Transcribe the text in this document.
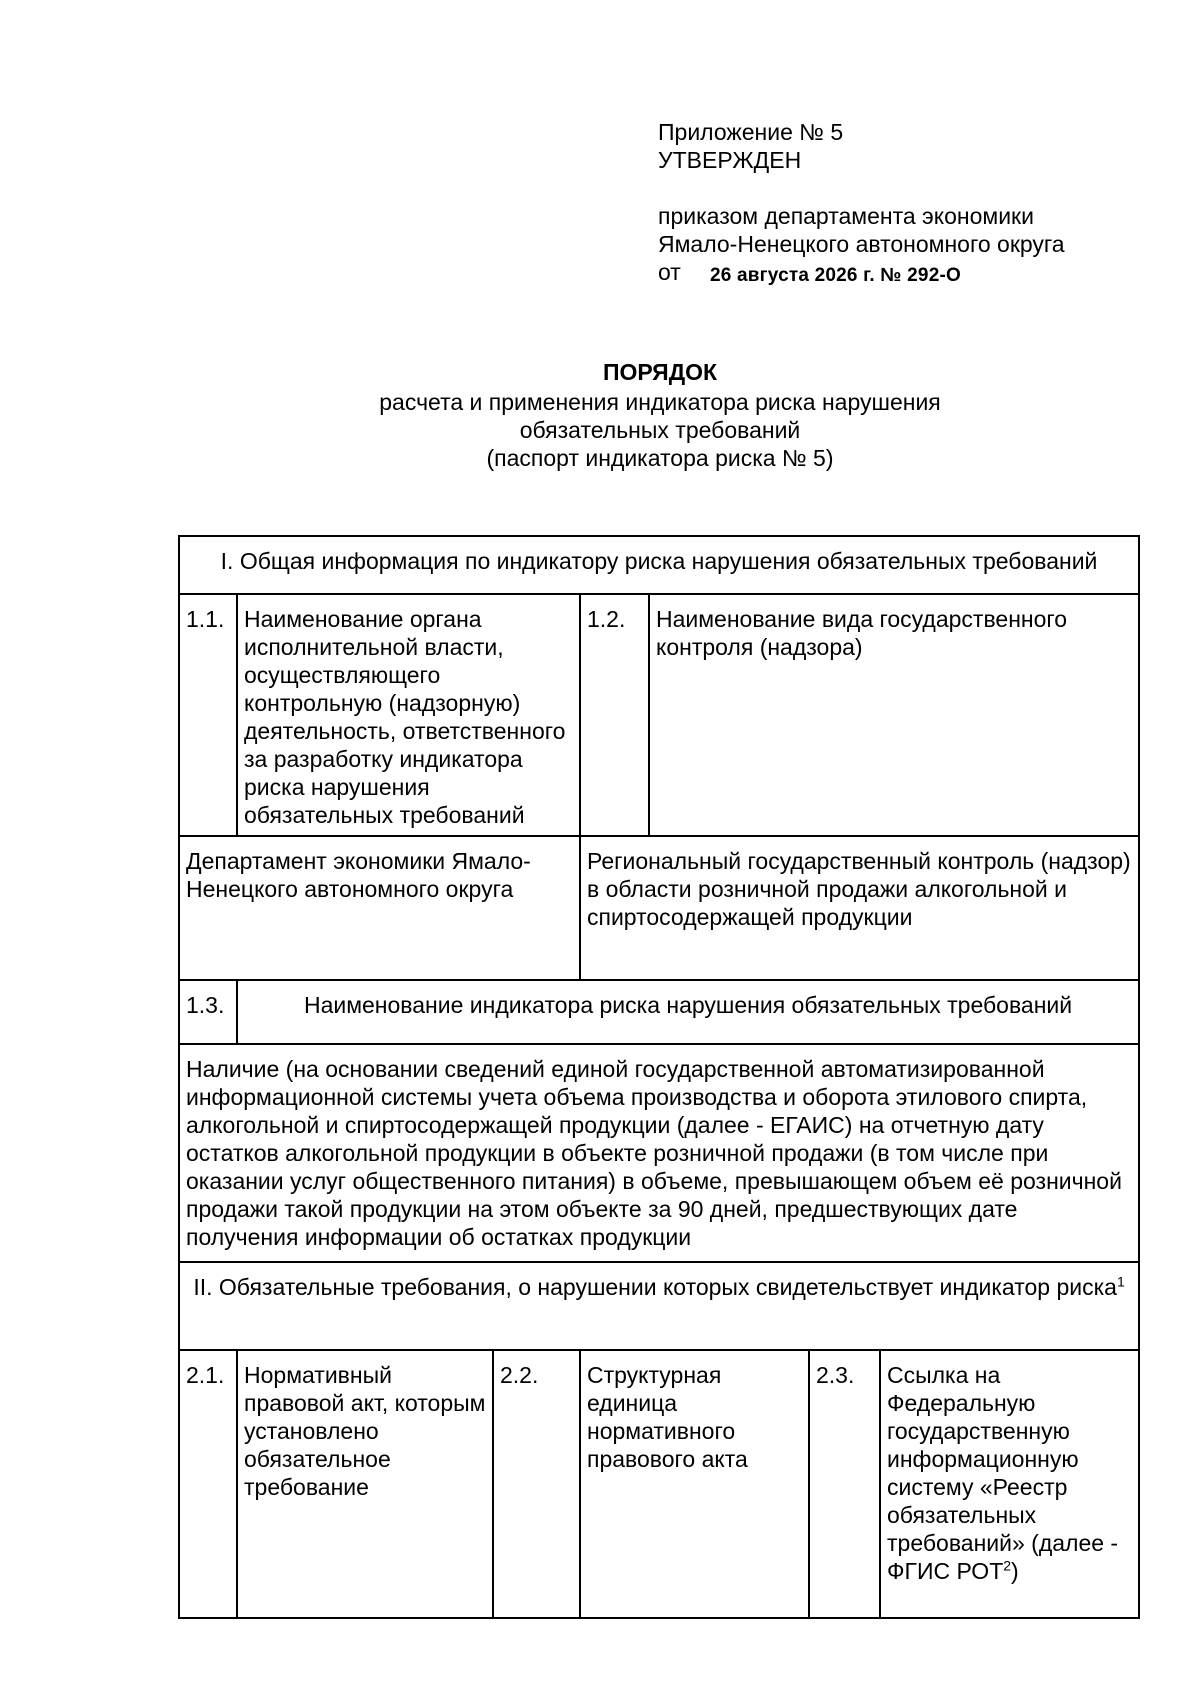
Приложение № 5
УТВЕРЖДЕН
приказом департамента экономики
Ямало-Ненецкого автономного округа
от 26 августа 2026 г. № 292-О
ПОРЯДОК
расчета и применения индикатора риска нарушения
обязательных требований
(паспорт индикатора риска № 5)
I. Общая информация по индикатору риска нарушения обязательных требований						
1.1.	Наименование органа исполнительной власти, осуществляющего контрольную (надзорную) деятельность, ответственного за разработку индикатора риска нарушения обязательных требований		1.2.	Наименование вида государственного контроля (надзора)		
Департамент экономики Ямало-Ненецкого автономного округа			Региональный государственный контроль (надзор) в области розничной продажи алкогольной и спиртосодержащей продукции			
1.3.	Наименование индикатора риска нарушения обязательных требований					
Наличие (на основании сведений единой государственной автоматизированной информационной системы учета объема производства и оборота этилового спирта, алкогольной и спиртосодержащей продукции (далее - ЕГАИС) на отчетную дату остатков алкогольной продукции в объекте розничной продажи (в том числе при оказании услуг общественного питания) в объеме, превышающем объем её розничной продажи такой продукции на этом объекте за 90 дней, предшествующих дате получения информации об остатках продукции						
II. Обязательные требования, о нарушении которых свидетельствует индикатор риска$^1$
2.1.	Нормативный правовой акт, которым установлено обязательное требование	2.2.	Структурная единица нормативного правового акта		2.3.	Ссылка на Федеральную государственную информационную систему «Реестр обязательных требований» (далее - ФГИС РОТ$^2$)
